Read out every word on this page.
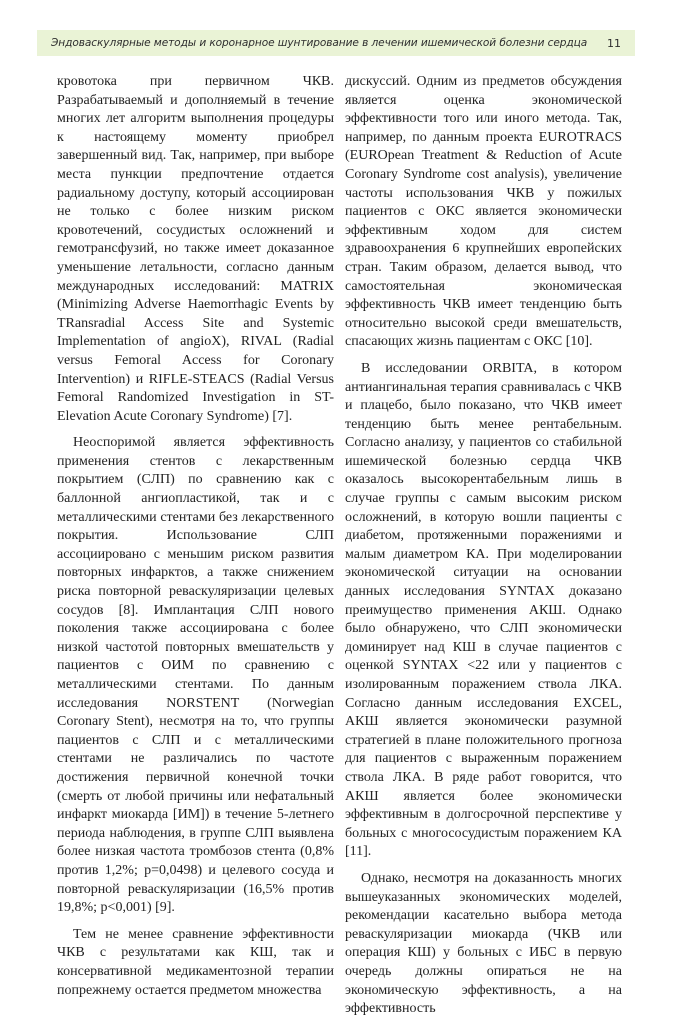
Эндоваскулярные методы и коронарное шунтирование в лечении ишемической болезни сердца 11

кровотока при первичном ЧКВ. Разрабатываемый и дополняемый в течение многих лет алгоритм выполнения процедуры к настоящему моменту приобрел завершенный вид. Так, например, при выборе места пункции предпочтение отдается радиальному доступу, который ассоциирован не только с более низким риском кровотечений, сосудистых осложнений и гемотрансфузий, но также имеет доказанное уменьшение летальности, согласно данным международных исследований: MATRIX (Minimizing Adverse Haemorrhagic Events by TRansradial Access Site and Systemic Implementation of angioX), RIVAL (Radial versus Femoral Access for Coronary Intervention) и RIFLE-STEACS (Radial Versus Femoral Randomized Investigation in ST-Elevation Acute Coronary Syndrome) [7].

Неоспоримой является эффективность применения стентов с лекарственным покрытием (СЛП) по сравнению как с баллонной ангиопластикой, так и с металлическими стентами без лекарственного покрытия. Использование СЛП ассоциировано с меньшим риском развития повторных инфарктов, а также снижением риска повторной реваскуляризации целевых сосудов [8]. Имплантация СЛП нового поколения также ассоциирована с более низкой частотой повторных вмешательств у пациентов с ОИМ по сравнению с металлическими стентами. По данным исследования NORSTENT (Norwegian Coronary Stent), несмотря на то, что группы пациентов с СЛП и с металлическими стентами не различались по частоте достижения первичной конечной точки (смерть от любой причины или нефатальный инфаркт миокарда [ИМ]) в течение 5-летнего периода наблюдения, в группе СЛП выявлена более низкая частота тромбозов стента (0,8% против 1,2%; p=0,0498) и целевого сосуда и повторной реваскуляризации (16,5% против 19,8%; p<0,001) [9].

Тем не менее сравнение эффективности ЧКВ с результатами как КШ, так и консервативной медикаментозной терапии попрежнему остается предметом множества

дискуссий. Одним из предметов обсуждения является оценка экономической эффективности того или иного метода. Так, например, по данным проекта EUROTRACS (EUROpean Treatment & Reduction of Acute Coronary Syndrome cost analysis), увеличение частоты использования ЧКВ у пожилых пациентов с ОКС является экономически эффективным ходом для систем здравоохранения 6 крупнейших европейских стран. Таким образом, делается вывод, что самостоятельная экономическая эффективность ЧКВ имеет тенденцию быть относительно высокой среди вмешательств, спасающих жизнь пациентам с ОКС [10].

В исследовании ORBITA, в котором антиангинальная терапия сравнивалась с ЧКВ и плацебо, было показано, что ЧКВ имеет тенденцию быть менее рентабельным. Согласно анализу, у пациентов со стабильной ишемической болезнью сердца ЧКВ оказалось высокорентабельным лишь в случае группы с самым высоким риском осложнений, в которую вошли пациенты с диабетом, протяженными поражениями и малым диаметром КА. При моделировании экономической ситуации на основании данных исследования SYNTAX доказано преимущество применения АКШ. Однако было обнаружено, что СЛП экономически доминирует над КШ в случае пациентов с оценкой SYNTAX <22 или у пациентов с изолированным поражением ствола ЛКА. Согласно данным исследования EXCEL, АКШ является экономически разумной стратегией в плане положительного прогноза для пациентов с выраженным поражением ствола ЛКА. В ряде работ говорится, что АКШ является более экономически эффективным в долгосрочной перспективе у больных с многососудистым поражением КА [11].

Однако, несмотря на доказанность многих вышеуказанных экономических моделей, рекомендации касательно выбора метода реваскуляризации миокарда (ЧКВ или операция КШ) у больных с ИБС в первую очередь должны опираться не на экономическую эффективность, а на эффективность
